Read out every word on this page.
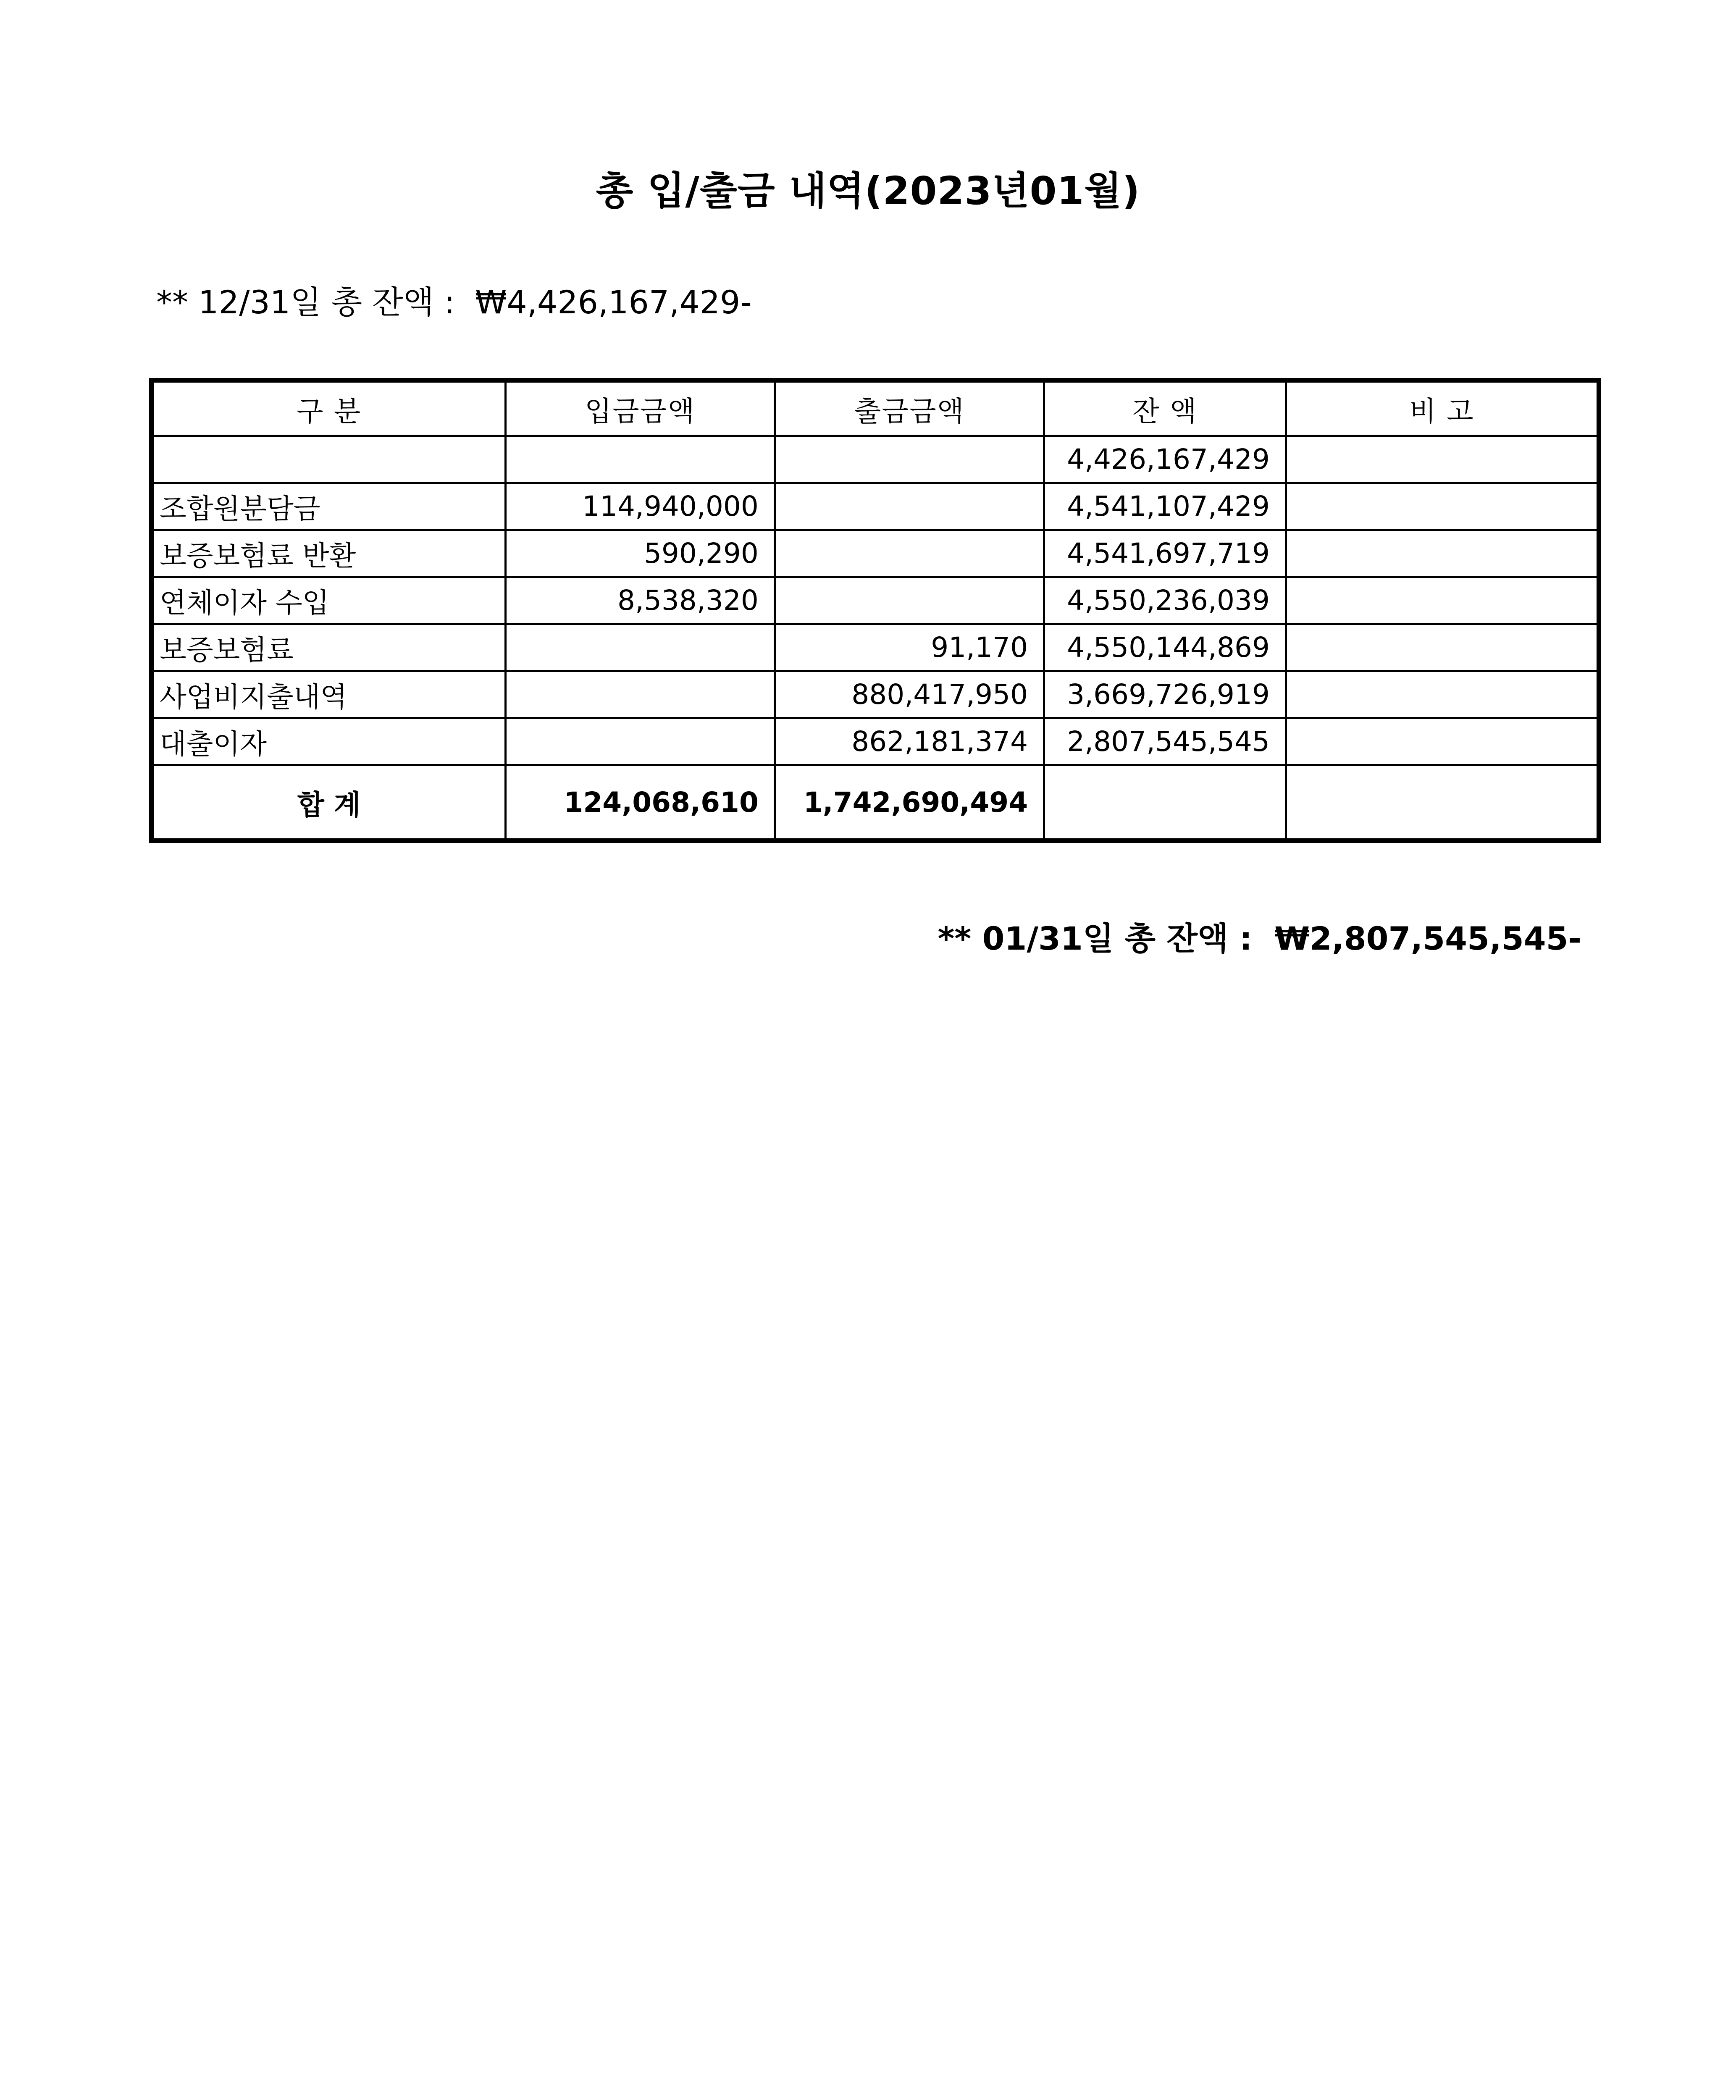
총 입/출금 내역(2023년01월)
** 12/31일 총 잔액 :  ₩4,426,167,429-
구 분	입금금액	출금금액	잔 액	비 고
			4,426,167,429	
조합원분담금	114,940,000		4,541,107,429	
보증보험료 반환	590,290		4,541,697,719	
연체이자 수입	8,538,320		4,550,236,039	
보증보험료		91,170	4,550,144,869	
사업비지출내역		880,417,950	3,669,726,919	
대출이자		862,181,374	2,807,545,545	
합 계	124,068,610	1,742,690,494		
** 01/31일 총 잔액 :  ₩2,807,545,545-
